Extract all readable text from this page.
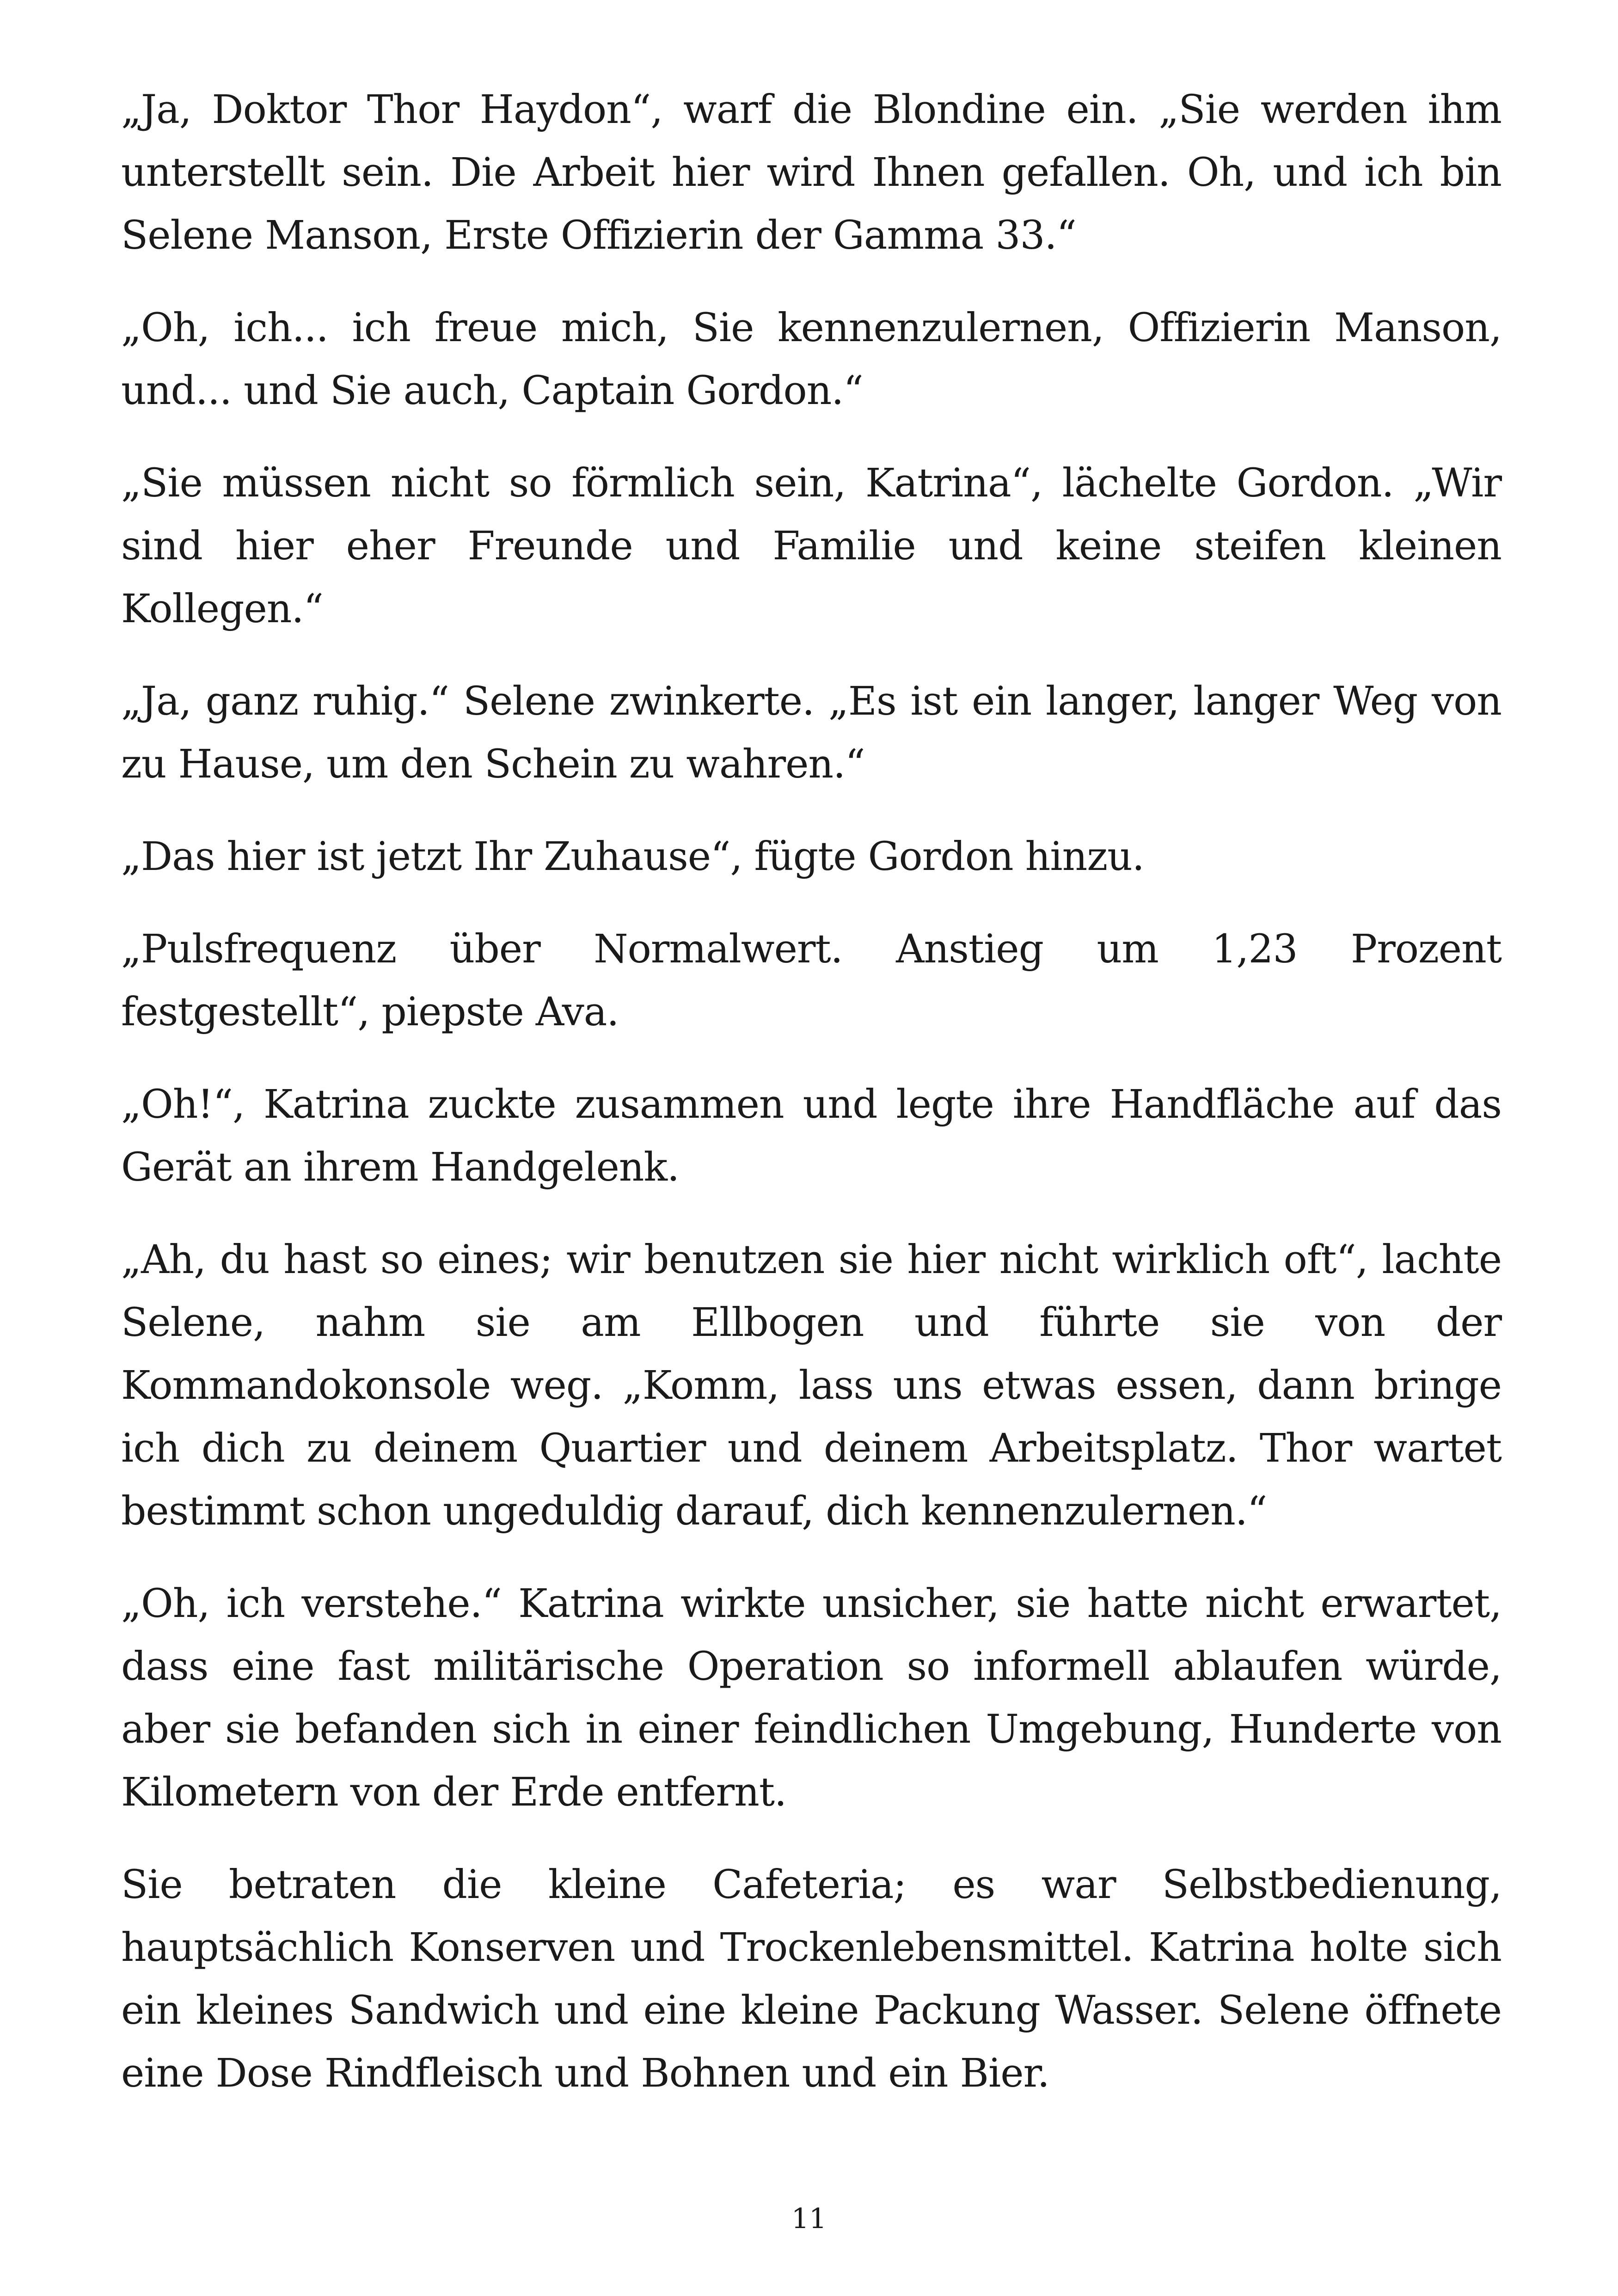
„Ja, Doktor Thor Haydon“, warf die Blondine ein. „Sie werden ihm unterstellt sein. Die Arbeit hier wird Ihnen gefallen. Oh, und ich bin Selene Manson, Erste Offizierin der Gamma 33.“

„Oh, ich... ich freue mich, Sie kennenzulernen, Offizierin Manson, und... und Sie auch, Captain Gordon.“

„Sie müssen nicht so förmlich sein, Katrina“, lächelte Gordon. „Wir sind hier eher Freunde und Familie und keine steifen kleinen Kollegen.“

„Ja, ganz ruhig.“ Selene zwinkerte. „Es ist ein langer, langer Weg von zu Hause, um den Schein zu wahren.“

„Das hier ist jetzt Ihr Zuhause“, fügte Gordon hinzu.

„Pulsfrequenz über Normalwert. Anstieg um 1,23 Prozent festgestellt“, piepste Ava.

„Oh!“, Katrina zuckte zusammen und legte ihre Handfläche auf das Gerät an ihrem Handgelenk.

„Ah, du hast so eines; wir benutzen sie hier nicht wirklich oft“, lachte Selene, nahm sie am Ellbogen und führte sie von der Kommandokonsole weg. „Komm, lass uns etwas essen, dann bringe ich dich zu deinem Quartier und deinem Arbeitsplatz. Thor wartet bestimmt schon ungeduldig darauf, dich kennenzulernen.“

„Oh, ich verstehe.“ Katrina wirkte unsicher, sie hatte nicht erwartet, dass eine fast militärische Operation so informell ablaufen würde, aber sie befanden sich in einer feindlichen Umgebung, Hunderte von Kilometern von der Erde entfernt.

Sie betraten die kleine Cafeteria; es war Selbstbedienung, hauptsächlich Konserven und Trockenlebensmittel. Katrina holte sich ein kleines Sandwich und eine kleine Packung Wasser. Selene öffnete eine Dose Rindfleisch und Bohnen und ein Bier.

11
